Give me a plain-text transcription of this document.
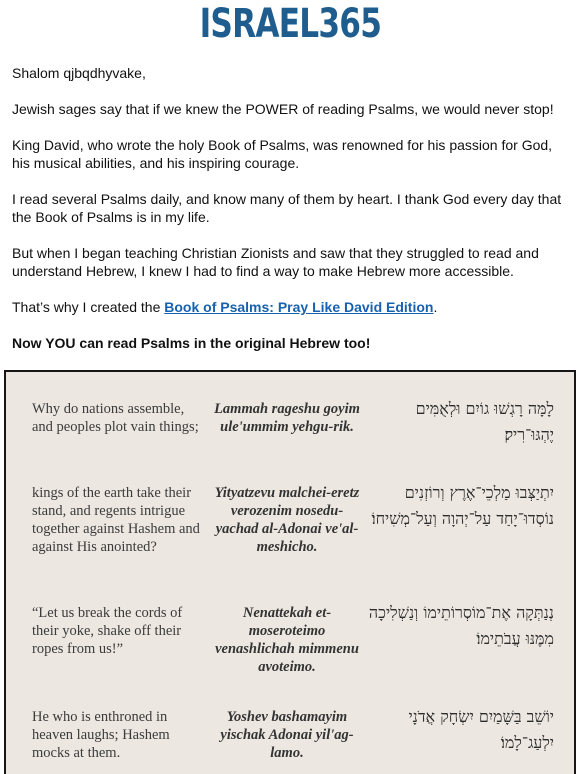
ISRAEL365

Shalom qjbqdhyvake,

Jewish sages say that if we knew the POWER of reading Psalms, we would never stop!

King David, who wrote the holy Book of Psalms, was renowned for his passion for God, his musical abilities, and his inspiring courage.

I read several Psalms daily, and know many of them by heart. I thank God every day that the Book of Psalms is in my life.

But when I began teaching Christian Zionists and saw that they struggled to read and understand Hebrew, I knew I had to find a way to make Hebrew more accessible.

That’s why I created the Book of Psalms: Pray Like David Edition.

Now YOU can read Psalms in the original Hebrew too!

Why do nations assemble, and peoples plot vain things;
Lammah rageshu goyim ule'ummim yehgu-rik.
לָמָּה רָגְשׁוּ גוֹיִם וּלְאֻמִּים יֶהְגּוּ־רִיק׃
kings of the earth take their stand, and regents intrigue together against Hashem and against His anointed?
Yityatzevu malchei-eretz verozenim nosedu-yachad al-Adonai ve'al-meshicho.
יִתְיַצְּבוּ מַלְכֵי־אֶרֶץ וְרוֹזְנִים נוֹסְדוּ־יָחַד עַל־יְהוָה וְעַל־מְשִׁיחוֹ׃
“Let us break the cords of their yoke, shake off their ropes from us!”
Nenattekah et-moseroteimo venashlichah mimmenu avoteimo.
נְנַתְּקָה אֶת־מוֹסְרוֹתֵימוֹ וְנַשְׁלִיכָה מִמֶּנּוּ עֲבֹתֵימוֹ׃
He who is enthroned in heaven laughs; Hashem mocks at them.
Yoshev bashamayim yischak Adonai yil'ag-lamo.
יוֹשֵׁב בַּשָּׁמַיִם יִשְׂחָק אֲדֹנָי יִלְעַג־לָמוֹ׃
